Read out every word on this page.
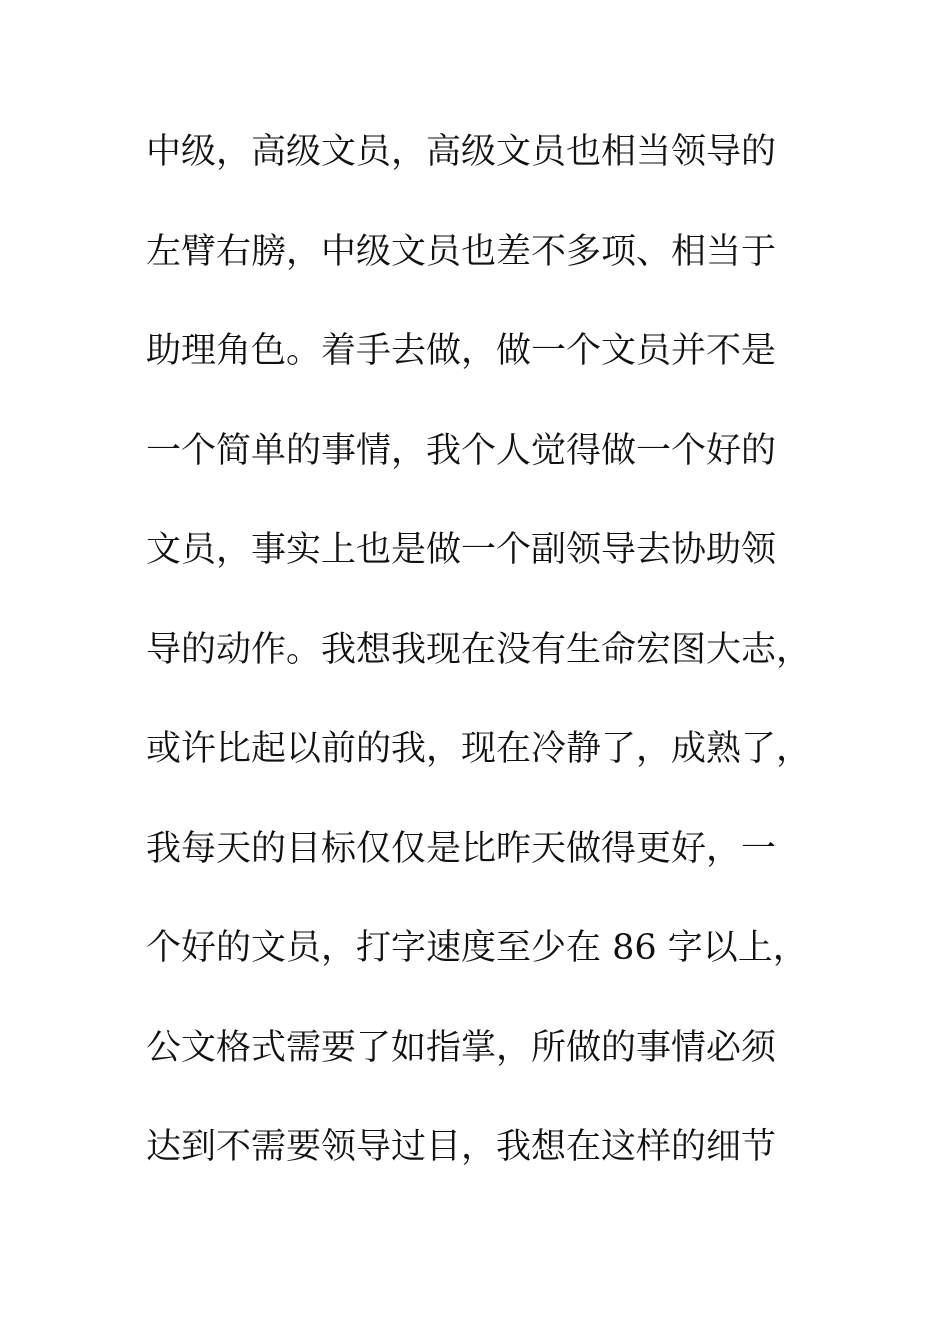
中级，高级文员，高级文员也相当领导的
左臂右膀，中级文员也差不多项、相当于
助理角色。着手去做，做一个文员并不是
一个简单的事情，我个人觉得做一个好的
文员，事实上也是做一个副领导去协助领
导的动作。我想我现在没有生命宏图大志，
或许比起以前的我，现在冷静了，成熟了，
我每天的目标仅仅是比昨天做得更好，一
个好的文员，打字速度至少在 86 字以上，
公文格式需要了如指掌，所做的事情必须
达到不需要领导过目，我想在这样的细节
